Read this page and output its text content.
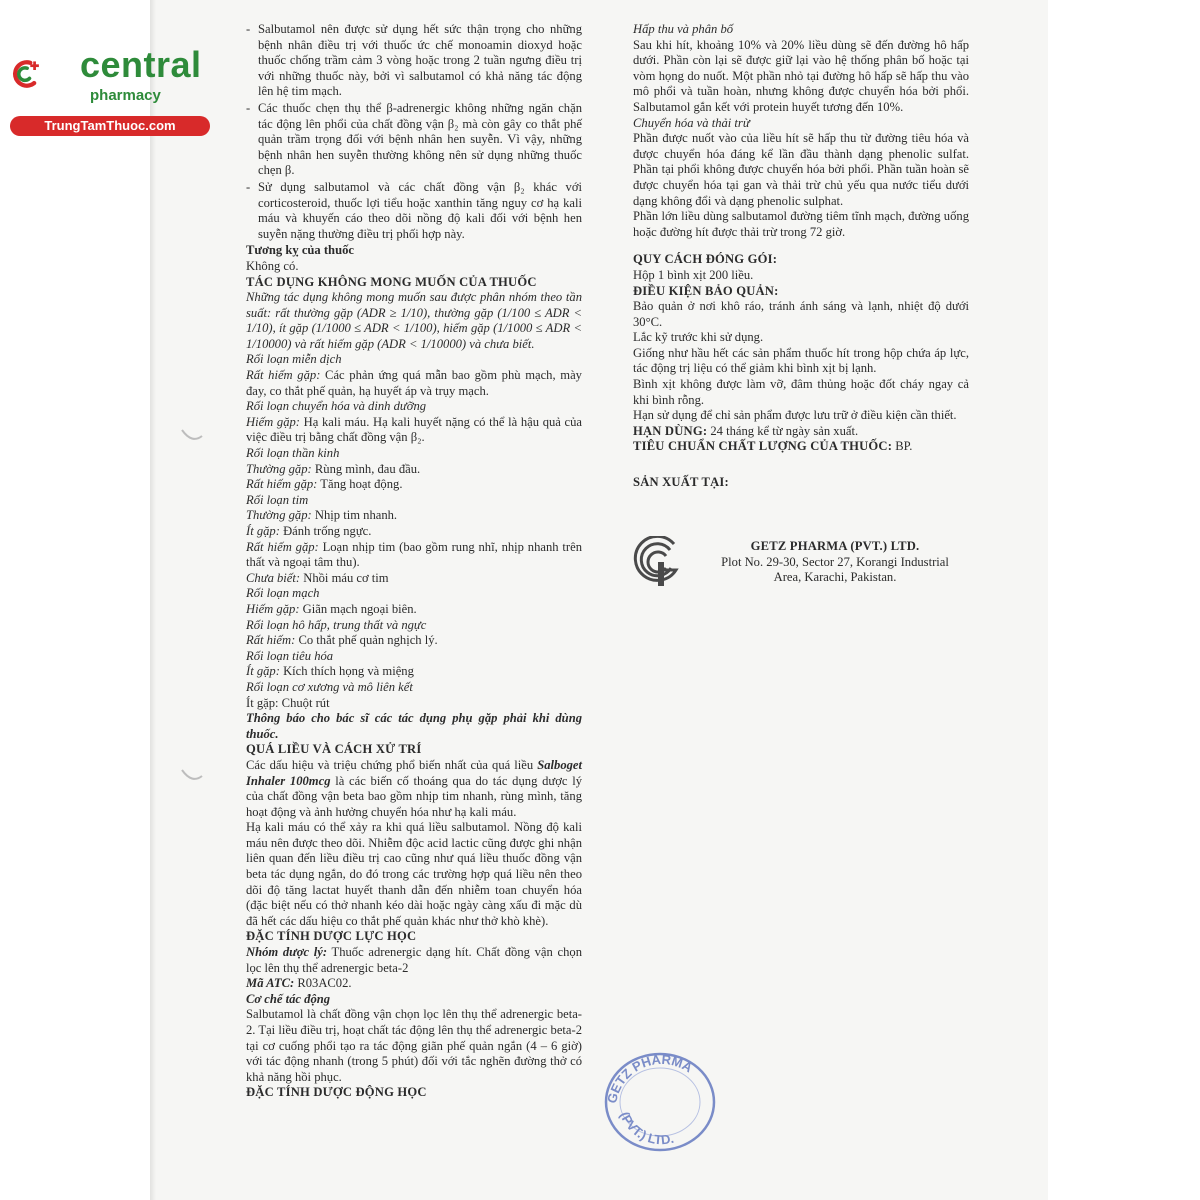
central
pharmacy
TrungTamThuoc.com

- Salbutamol nên được sử dụng hết sức thận trọng cho những bệnh nhân điều trị với thuốc ức chế monoamin dioxyd hoặc thuốc chống trầm cảm 3 vòng hoặc trong 2 tuần ngưng điều trị với những thuốc này, bởi vì salbutamol có khả năng tác động lên hệ tim mạch.

- Các thuốc chẹn thụ thể β-adrenergic không những ngăn chặn tác động lên phổi của chất đồng vận β₂ mà còn gây co thắt phế quản trầm trọng đối với bệnh nhân hen suyễn. Vì vậy, những bệnh nhân hen suyễn thường không nên sử dụng những thuốc chẹn β.

- Sử dụng salbutamol và các chất đồng vận β₂ khác với corticosteroid, thuốc lợi tiểu hoặc xanthin tăng nguy cơ hạ kali máu và khuyến cáo theo dõi nồng độ kali đối với bệnh hen suyễn nặng thường điều trị phối hợp này.

Tương kỵ của thuốc

Không có.

TÁC DỤNG KHÔNG MONG MUỐN CỦA THUỐC

Những tác dụng không mong muốn sau được phân nhóm theo tần suất: rất thường gặp (ADR ≥ 1/10), thường gặp (1/100 ≤ ADR < 1/10), ít gặp (1/1000 ≤ ADR < 1/100), hiếm gặp (1/1000 ≤ ADR < 1/10000) và rất hiếm gặp (ADR < 1/10000) và chưa biết.

Rối loạn miễn dịch

Rất hiếm gặp: Các phản ứng quá mẫn bao gồm phù mạch, mày đay, co thắt phế quản, hạ huyết áp và trụy mạch.

Rối loạn chuyển hóa và dinh dưỡng

Hiếm gặp: Hạ kali máu. Hạ kali huyết nặng có thể là hậu quả của việc điều trị bằng chất đồng vận β₂.

Rối loạn thần kinh

Thường gặp: Rùng mình, đau đầu.

Rất hiếm gặp: Tăng hoạt động.

Rối loạn tim

Thường gặp: Nhịp tim nhanh.

Ít gặp: Đánh trống ngực.

Rất hiếm gặp: Loạn nhịp tim (bao gồm rung nhĩ, nhịp nhanh trên thất và ngoại tâm thu).

Chưa biết: Nhồi máu cơ tim

Rối loạn mạch

Hiếm gặp: Giãn mạch ngoại biên.

Rối loạn hô hấp, trung thất và ngực

Rất hiếm: Co thắt phế quản nghịch lý.

Rối loạn tiêu hóa

Ít gặp: Kích thích họng và miệng

Rối loạn cơ xương và mô liên kết

Ít gặp: Chuột rút

Thông báo cho bác sĩ các tác dụng phụ gặp phải khi dùng thuốc.

QUÁ LIỀU VÀ CÁCH XỬ TRÍ

Các dấu hiệu và triệu chứng phổ biến nhất của quá liều Salboget Inhaler 100mcg là các biến cố thoáng qua do tác dụng dược lý của chất đồng vận beta bao gồm nhịp tim nhanh, rùng mình, tăng hoạt động và ảnh hưởng chuyển hóa như hạ kali máu.

Hạ kali máu có thể xảy ra khi quá liều salbutamol. Nồng độ kali máu nên được theo dõi. Nhiễm độc acid lactic cũng được ghi nhận liên quan đến liều điều trị cao cũng như quá liều thuốc đồng vận beta tác dụng ngắn, do đó trong các trường hợp quá liều nên theo dõi độ tăng lactat huyết thanh dẫn đến nhiễm toan chuyển hóa (đặc biệt nếu có thở nhanh kéo dài hoặc ngày càng xấu đi mặc dù đã hết các dấu hiệu co thắt phế quản khác như thở khò khè).

ĐẶC TÍNH DƯỢC LỰC HỌC

Nhóm dược lý: Thuốc adrenergic dạng hít. Chất đồng vận chọn lọc lên thụ thể adrenergic beta-2

Mã ATC: R03AC02.

Cơ chế tác động

Salbutamol là chất đồng vận chọn lọc lên thụ thể adrenergic beta-2. Tại liều điều trị, hoạt chất tác động lên thụ thể adrenergic beta-2 tại cơ cuống phổi tạo ra tác động giãn phế quản ngắn (4 – 6 giờ) với tác động nhanh (trong 5 phút) đối với tắc nghẽn đường thở có khả năng hồi phục.

ĐẶC TÍNH DƯỢC ĐỘNG HỌC

Hấp thu và phân bố

Sau khi hít, khoảng 10% và 20% liều dùng sẽ đến đường hô hấp dưới. Phần còn lại sẽ được giữ lại vào hệ thống phân bố hoặc tại vòm họng do nuốt. Một phần nhỏ tại đường hô hấp sẽ hấp thu vào mô phổi và tuần hoàn, nhưng không được chuyển hóa bởi phổi. Salbutamol gắn kết với protein huyết tương đến 10%.

Chuyển hóa và thải trừ

Phần được nuốt vào của liều hít sẽ hấp thu từ đường tiêu hóa và được chuyển hóa đáng kể lần đầu thành dạng phenolic sulfat. Phần tại phổi không được chuyển hóa bởi phổi. Phần tuần hoàn sẽ được chuyển hóa tại gan và thải trừ chủ yếu qua nước tiểu dưới dạng không đổi và dạng phenolic sulphat.

Phần lớn liều dùng salbutamol đường tiêm tĩnh mạch, đường uống hoặc đường hít được thải trừ trong 72 giờ.

QUY CÁCH ĐÓNG GÓI:

Hộp 1 bình xịt 200 liều.

ĐIỀU KIỆN BẢO QUẢN:

Bảo quản ở nơi khô ráo, tránh ánh sáng và lạnh, nhiệt độ dưới 30°C.

Lắc kỹ trước khi sử dụng.

Giống như hầu hết các sản phẩm thuốc hít trong hộp chứa áp lực, tác động trị liệu có thể giảm khi bình xịt bị lạnh.

Bình xịt không được làm vỡ, đâm thủng hoặc đốt cháy ngay cả khi bình rỗng.

Hạn sử dụng để chỉ sản phẩm được lưu trữ ở điều kiện cần thiết.

HẠN DÙNG: 24 tháng kể từ ngày sản xuất.

TIÊU CHUẨN CHẤT LƯỢNG CỦA THUỐC: BP.

SẢN XUẤT TẠI:

GETZ PHARMA (PVT.) LTD.
Plot No. 29-30, Sector 27, Korangi Industrial
Area, Karachi, Pakistan.
GETZ PHARMA
(PVT.) LTD.
